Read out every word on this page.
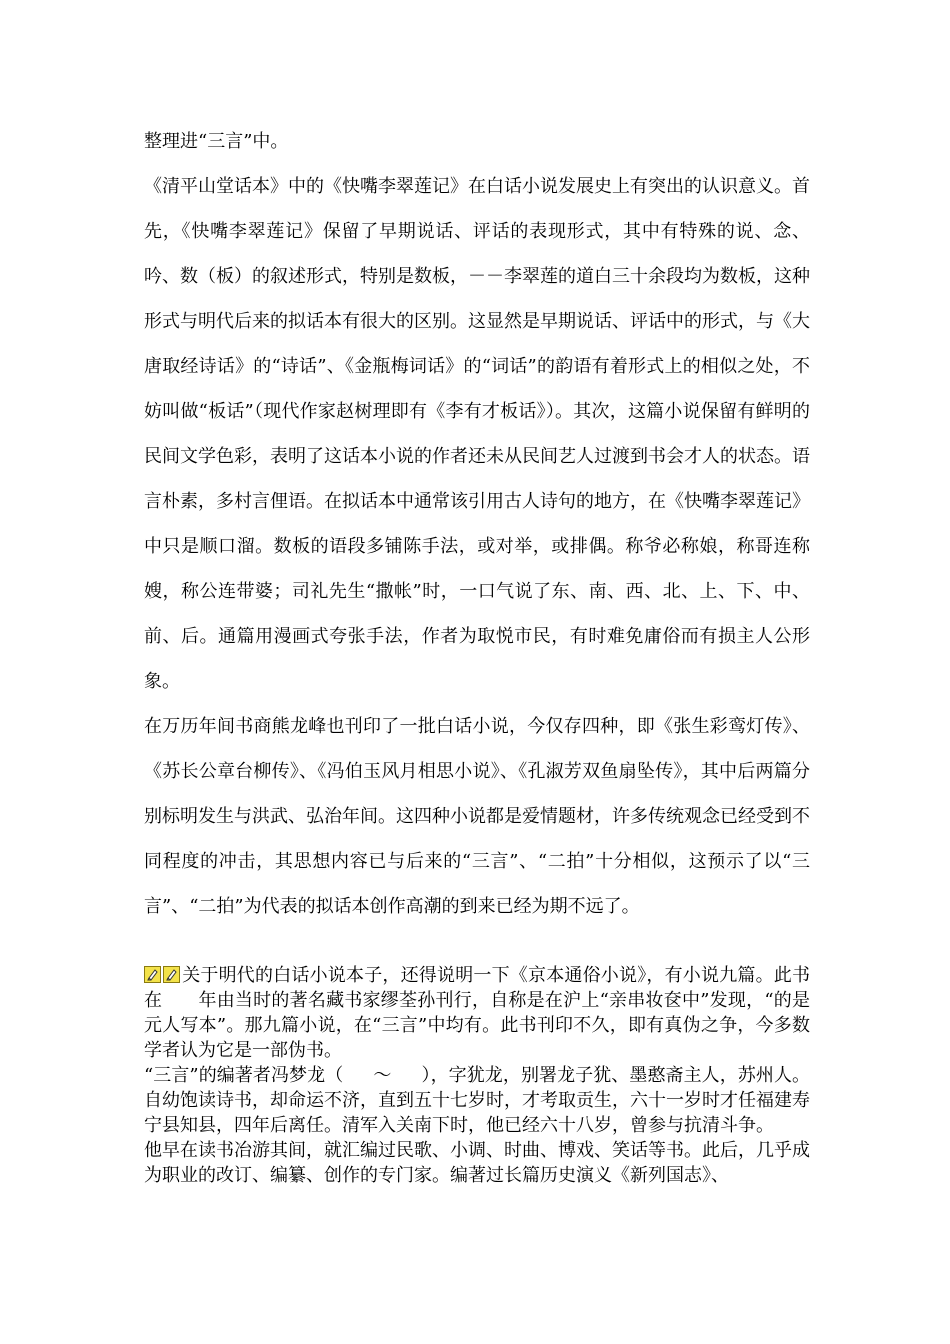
整理进“三言”中。

《清平山堂话本》中的《快嘴李翠莲记》在白话小说发展史上有突出的认识意义。首先，《快嘴李翠莲记》保留了早期说话、评话的表现形式，其中有特殊的说、念、吟、数（板）的叙述形式，特别是数板，－－李翠莲的道白三十余段均为数板，这种形式与明代后来的拟话本有很大的区别。这显然是早期说话、评话中的形式，与《大唐取经诗话》的“诗话”、《金瓶梅词话》的“词话”的韵语有着形式上的相似之处，不妨叫做“板话”（现代作家赵树理即有《李有才板话》）。其次，这篇小说保留有鲜明的民间文学色彩，表明了这话本小说的作者还未从民间艺人过渡到书会才人的状态。语言朴素，多村言俚语。在拟话本中通常该引用古人诗句的地方，在《快嘴李翠莲记》中只是顺口溜。数板的语段多铺陈手法，或对举，或排偶。称爷必称娘，称哥连称嫂，称公连带婆；司礼先生“撒帐”时，一口气说了东、南、西、北、上、下、中、前、后。通篇用漫画式夸张手法，作者为取悦市民，有时难免庸俗而有损主人公形象。

在万历年间书商熊龙峰也刊印了一批白话小说，今仅存四种，即《张生彩鸾灯传》、《苏长公章台柳传》、《冯伯玉风月相思小说》、《孔淑芳双鱼扇坠传》，其中后两篇分别标明发生与洪武、弘治年间。这四种小说都是爱情题材，许多传统观念已经受到不同程度的冲击，其思想内容已与后来的“三言”、“二拍”十分相似，这预示了以“三言”、“二拍”为代表的拟话本创作高潮的到来已经为期不远了。

关于明代的白话小说本子，还得说明一下《京本通俗小说》，有小说九篇。此书在 年由当时的著名藏书家缪荃孙刊行，自称是在沪上“亲串妆奁中”发现，“的是元人写本”。那九篇小说，在“三言”中均有。此书刊印不久，即有真伪之争，今多数学者认为它是一部伪书。

“三言”的编著者冯梦龙（ ～ ），字犹龙，别署龙子犹、墨憨斋主人，苏州人。自幼饱读诗书，却命运不济，直到五十七岁时，才考取贡生，六十一岁时才任福建寿宁县知县，四年后离任。清军入关南下时，他已经六十八岁，曾参与抗清斗争。

他早在读书冶游其间，就汇编过民歌、小调、时曲、博戏、笑话等书。此后，几乎成为职业的改订、编纂、创作的专门家。编著过长篇历史演义《新列国志》、
